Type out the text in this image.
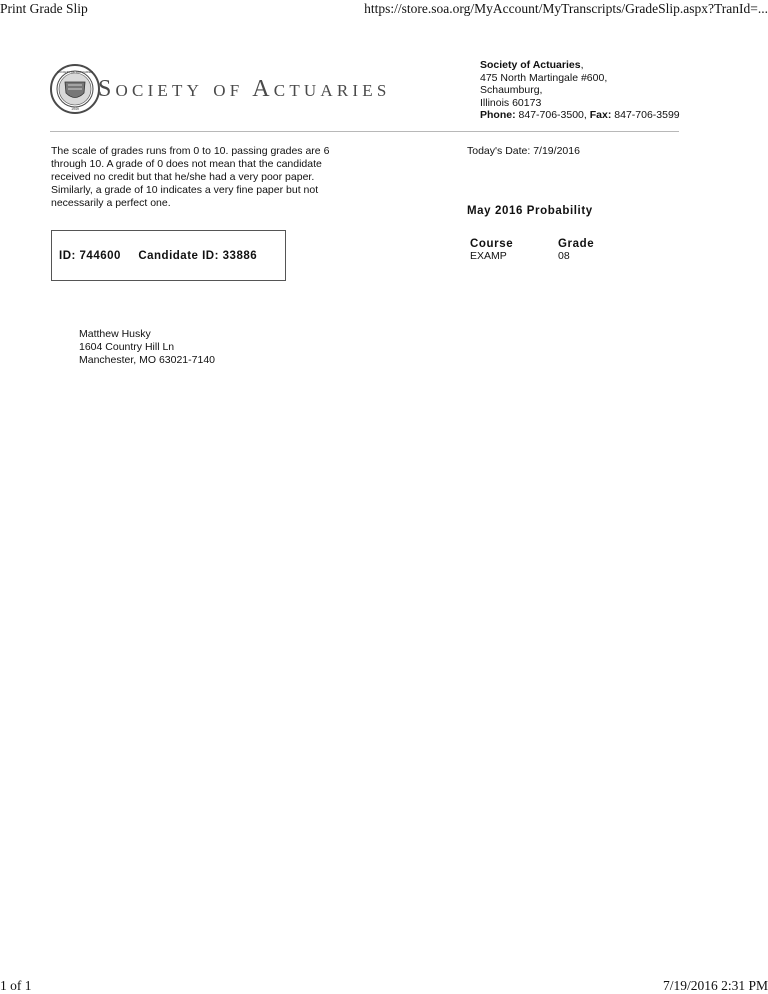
Print Grade Slip	https://store.soa.org/MyAccount/MyTranscripts/GradeSlip.aspx?TranId=...
SOCIETY OF ACTUARIES
1949
Society of Actuaries
Society of Actuaries,
475 North Martingale #600,
Schaumburg,
Illinois 60173
Phone: 847-706-3500, Fax: 847-706-3599
The scale of grades runs from 0 to 10. passing grades are 6 through 10. A grade of 0 does not mean that the candidate received no credit but that he/she had a very poor paper. Similarly, a grade of 10 indicates a very fine paper but not necessarily a perfect one.
Today's Date: 7/19/2016
May 2016 Probability
ID: 744600 Candidate ID: 33886
Course
EXAMP
Grade
08
Matthew Husky
1604 Country Hill Ln
Manchester, MO 63021-7140
1 of 1	7/19/2016 2:31 PM
